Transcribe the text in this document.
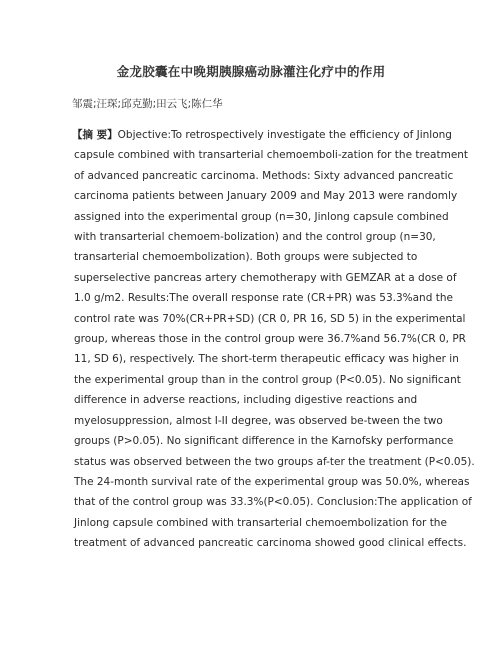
金龙胶囊在中晚期胰腺癌动脉灌注化疗中的作用
邹震;汪琛;邱克勤;田云飞;陈仁华
【摘 要】Objective:To retrospectively investigate the efficiency of Jinlong
capsule combined with transarterial chemoemboli-zation for the treatment
of advanced pancreatic carcinoma. Methods: Sixty advanced pancreatic
carcinoma patients between January 2009 and May 2013 were randomly
assigned into the experimental group (n=30, Jinlong capsule combined
with transarterial chemoem-bolization) and the control group (n=30,
transarterial chemoembolization). Both groups were subjected to
superselective pancreas artery chemotherapy with GEMZAR at a dose of
1.0 g/m2. Results:The overall response rate (CR+PR) was 53.3%and the
control rate was 70%(CR+PR+SD) (CR 0, PR 16, SD 5) in the experimental
group, whereas those in the control group were 36.7%and 56.7%(CR 0, PR
11, SD 6), respectively. The short-term therapeutic efficacy was higher in
the experimental group than in the control group (P<0.05). No significant
difference in adverse reactions, including digestive reactions and
myelosuppression, almost I-II degree, was observed be-tween the two
groups (P>0.05). No significant difference in the Karnofsky performance
status was observed between the two groups af-ter the treatment (P<0.05).
The 24-month survival rate of the experimental group was 50.0%, whereas
that of the control group was 33.3%(P<0.05). Conclusion:The application of
Jinlong capsule combined with transarterial chemoembolization for the
treatment of advanced pancreatic carcinoma showed good clinical effects.
